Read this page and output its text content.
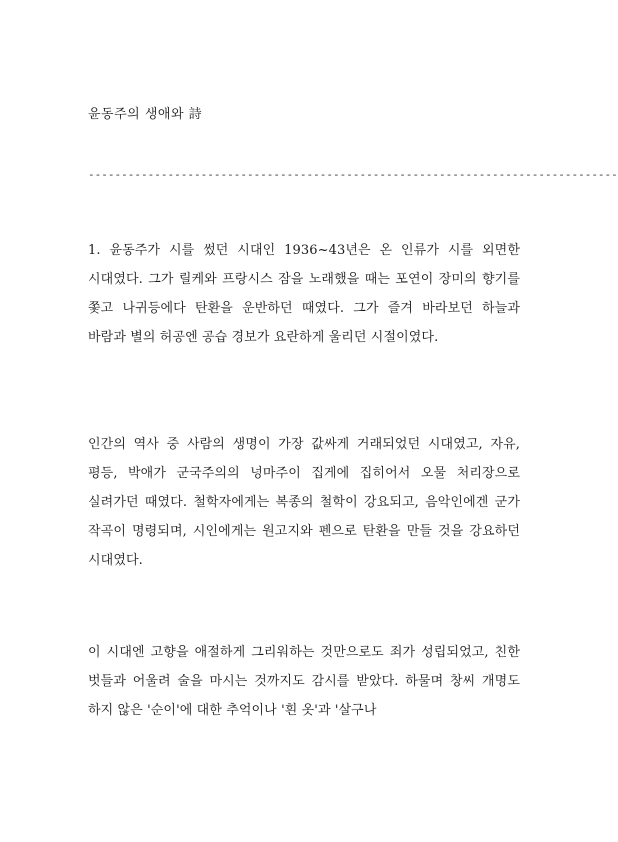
윤동주의 생애와 詩
--------------------------------------------------------------------------------

1. 윤동주가 시를 썼던 시대인 1936~43년은 온 인류가 시를 외면한 시대였다. 그가 릴케와 프랑시스 잠을 노래했을 때는 포연이 장미의 향기를 쫓고 나귀등에다 탄환을 운반하던 때였다. 그가 즐겨 바라보던 하늘과 바람과 별의 허공엔 공습 경보가 요란하게 울리던 시절이였다.

인간의 역사 중 사람의 생명이 가장 값싸게 거래되었던 시대였고, 자유, 평등, 박애가 군국주의의 넝마주이 집게에 집히어서 오물 처리장으로 실려가던 때였다. 철학자에게는 복종의 철학이 강요되고, 음악인에겐 군가 작곡이 명령되며, 시인에게는 원고지와 펜으로 탄환을 만들 것을 강요하던 시대였다.

이 시대엔 고향을 애절하게 그리워하는 것만으로도 죄가 성립되었고, 친한 벗들과 어울려 술을 마시는 것까지도 감시를 받았다. 하물며 창씨 개명도 하지 않은 '순이'에 대한 추억이나 '흰 옷'과 '살구나
